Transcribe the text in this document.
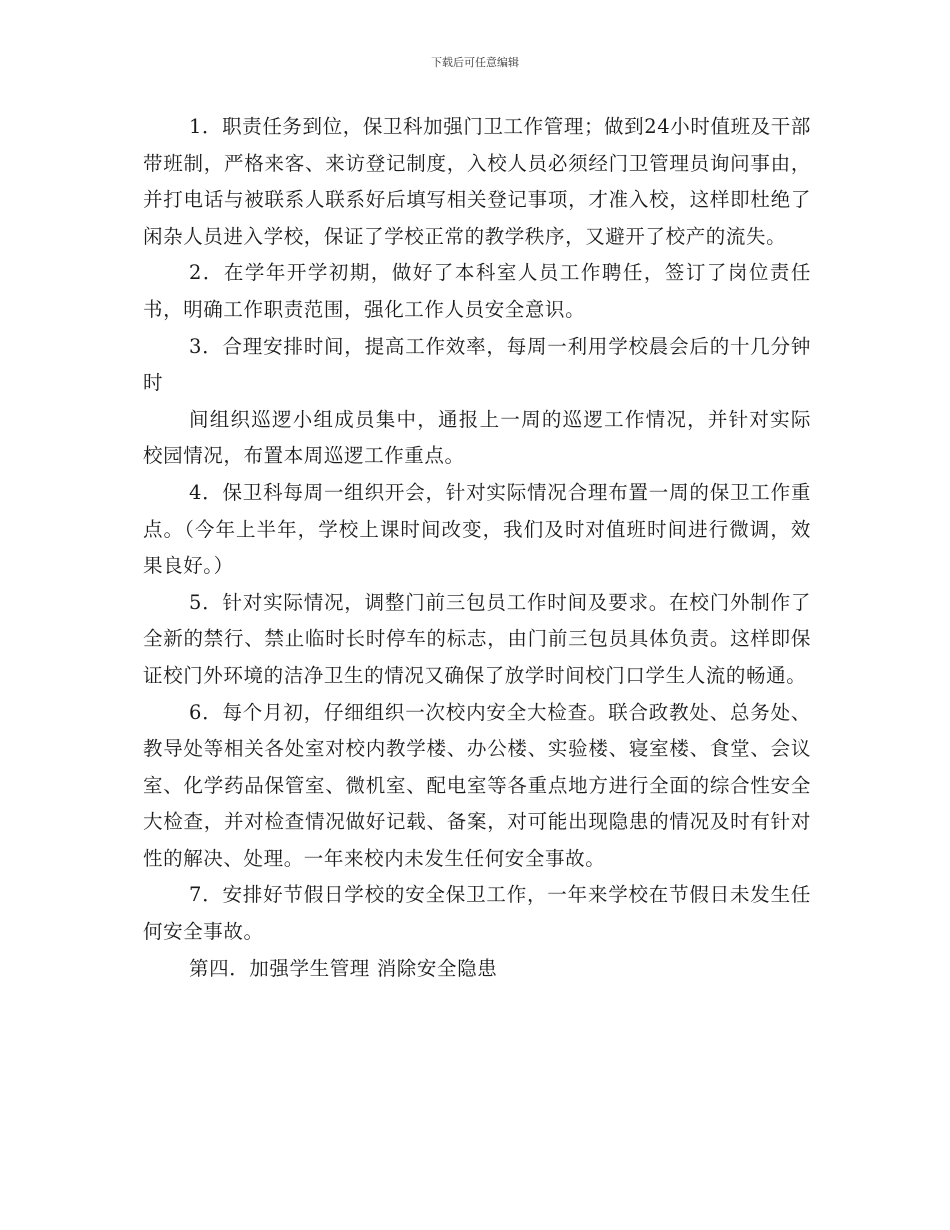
下载后可任意编辑

1．职责任务到位，保卫科加强门卫工作管理；做到24小时值班及干部带班制，严格来客、来访登记制度，入校人员必须经门卫管理员询问事由，并打电话与被联系人联系好后填写相关登记事项，才准入校，这样即杜绝了闲杂人员进入学校，保证了学校正常的教学秩序，又避开了校产的流失。

2．在学年开学初期，做好了本科室人员工作聘任，签订了岗位责任书，明确工作职责范围，强化工作人员安全意识。

3．合理安排时间，提高工作效率，每周一利用学校晨会后的十几分钟时

间组织巡逻小组成员集中，通报上一周的巡逻工作情况，并针对实际校园情况，布置本周巡逻工作重点。

4．保卫科每周一组织开会，针对实际情况合理布置一周的保卫工作重点。（今年上半年，学校上课时间改变，我们及时对值班时间进行微调，效果良好。）

5．针对实际情况，调整门前三包员工作时间及要求。在校门外制作了全新的禁行、禁止临时长时停车的标志，由门前三包员具体负责。这样即保证校门外环境的洁净卫生的情况又确保了放学时间校门口学生人流的畅通。

6．每个月初，仔细组织一次校内安全大检查。联合政教处、总务处、教导处等相关各处室对校内教学楼、办公楼、实验楼、寝室楼、食堂、会议室、化学药品保管室、微机室、配电室等各重点地方进行全面的综合性安全大检查，并对检查情况做好记载、备案，对可能出现隐患的情况及时有针对性的解决、处理。一年来校内未发生任何安全事故。

7．安排好节假日学校的安全保卫工作，一年来学校在节假日未发生任何安全事故。

第四．加强学生管理 消除安全隐患
